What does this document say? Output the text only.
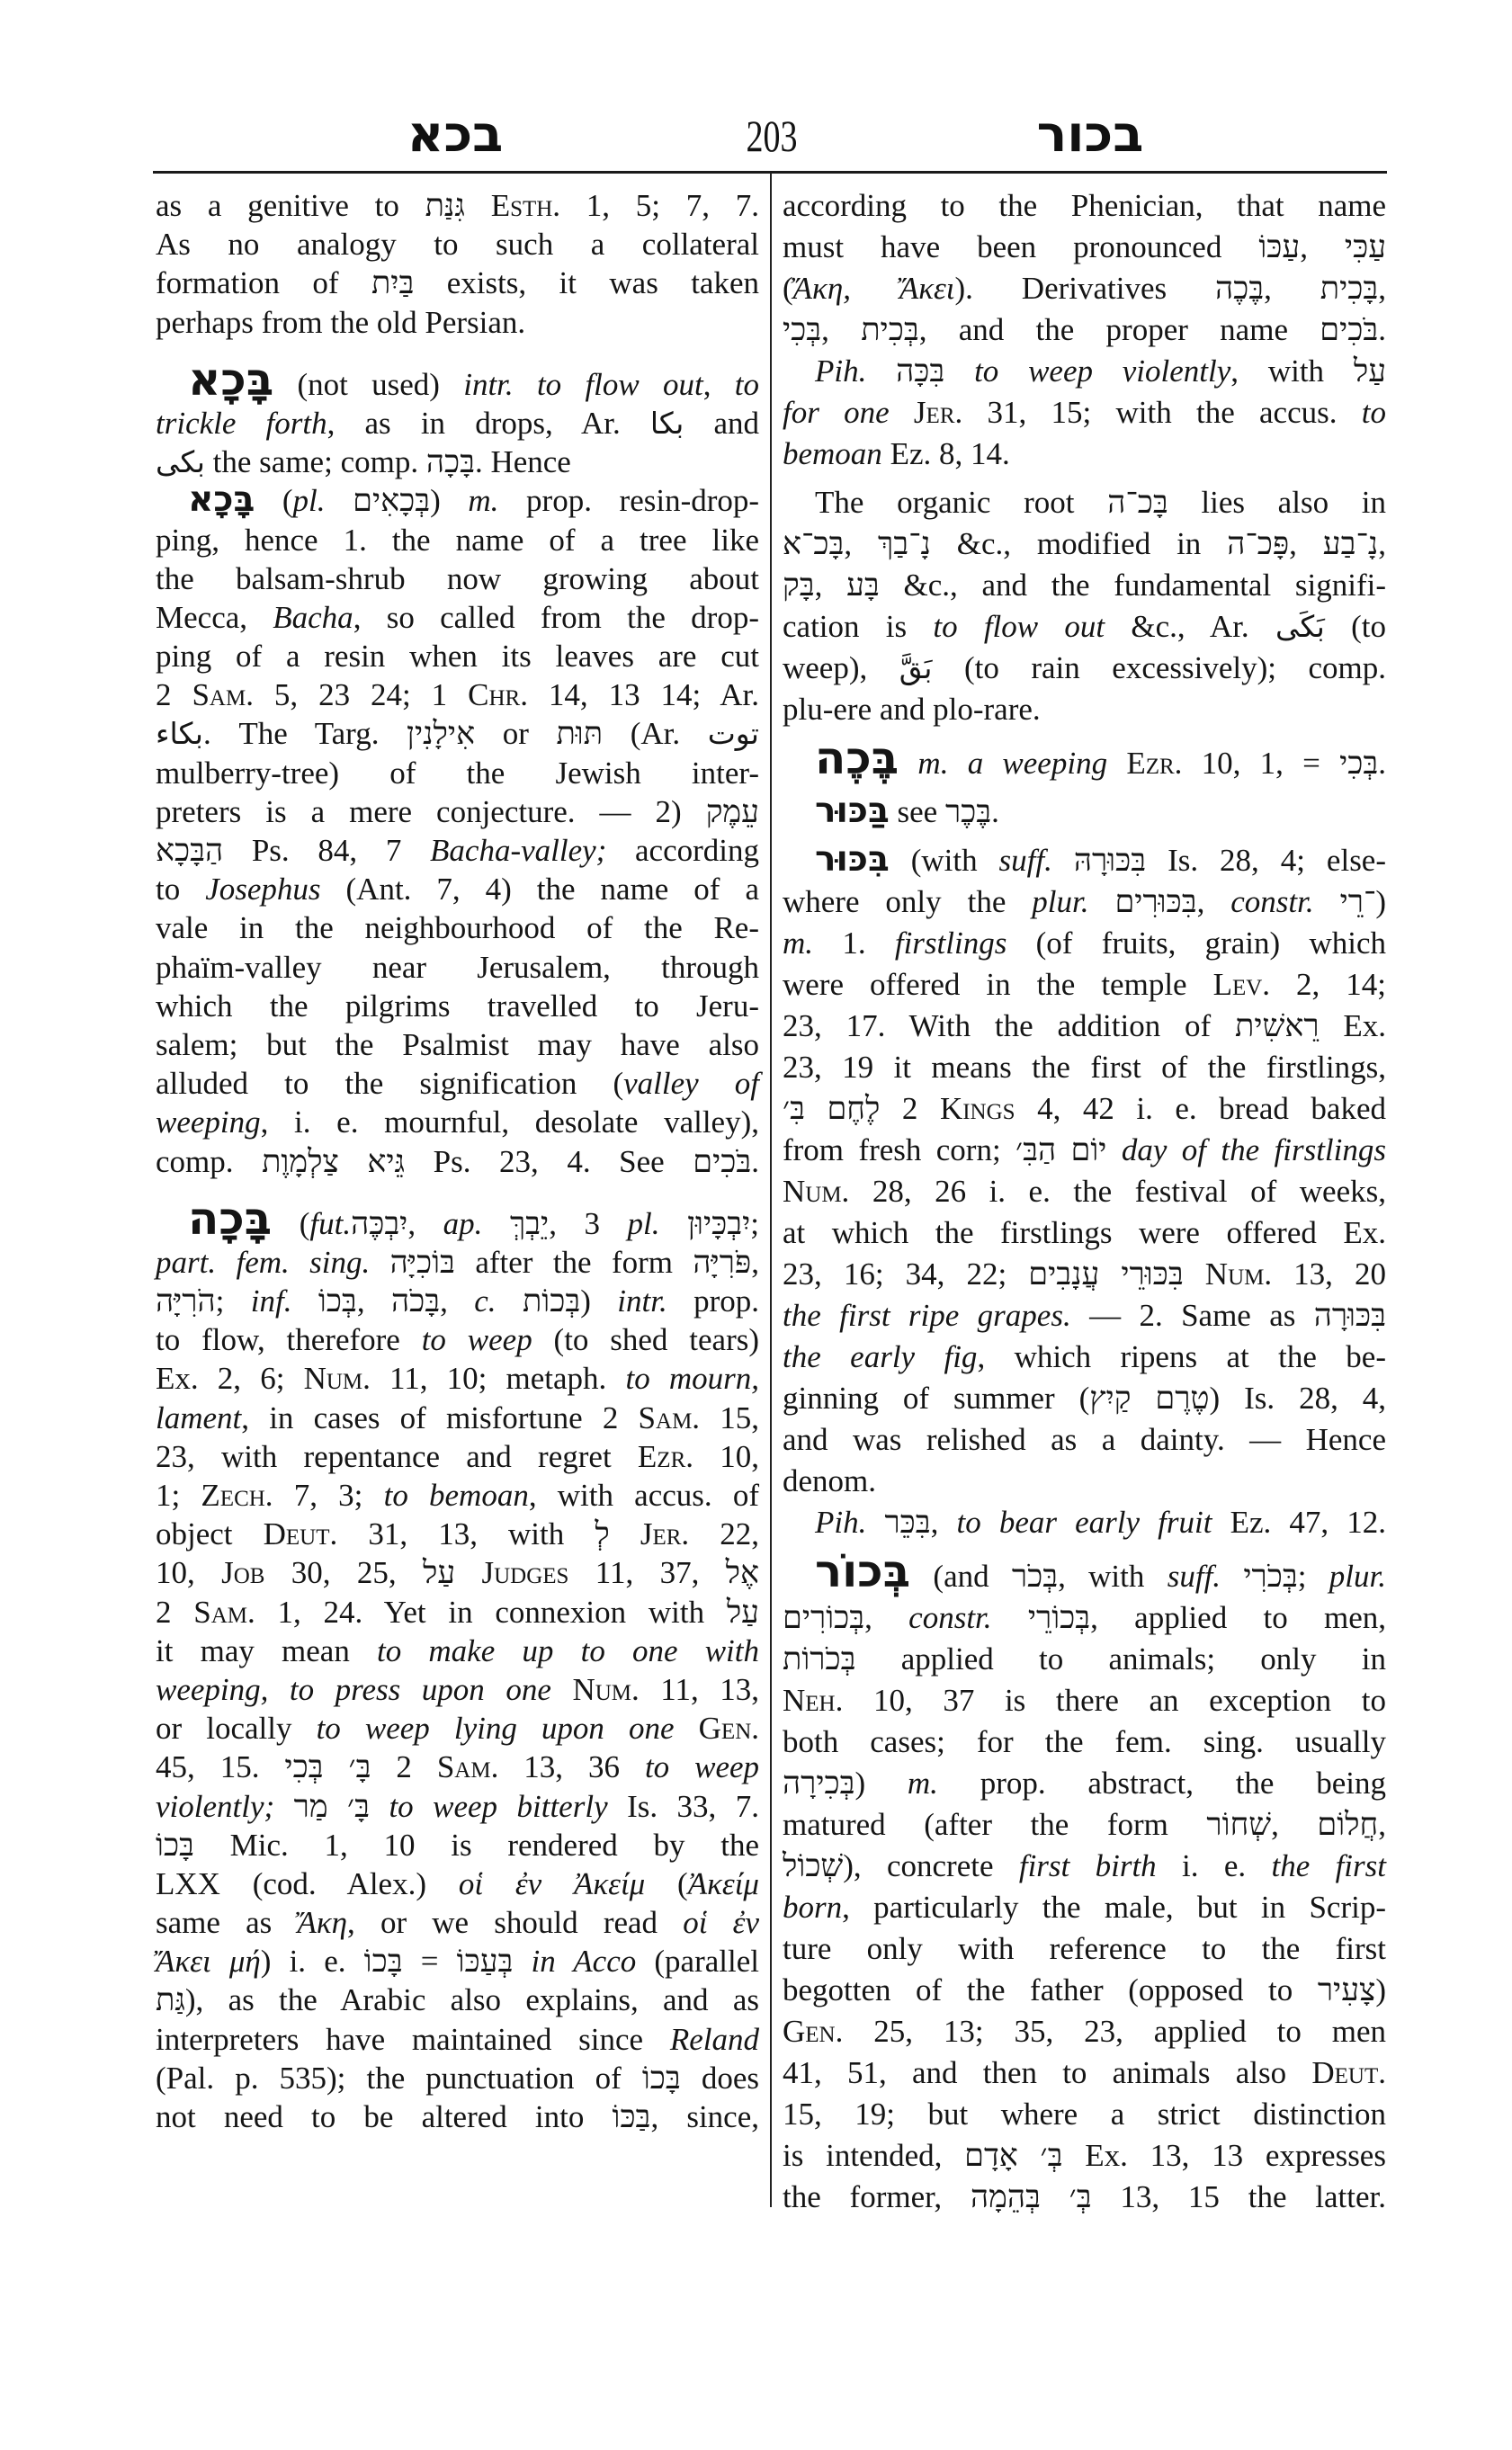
בכא	203	בכור
as a genitive to גִּנַּת Esth. 1, 5; 7, 7.
As no analogy to such a collateral
formation of בַּיִת exists, it was taken
perhaps from the old Persian.
בָּכָא (not used) intr. to flow out, to
trickle forth, as in drops, Ar. بكا and
بكى the same; comp. בָּכָה. Hence
בָּכָא (pl. בְּכָאִים) m. prop. resin-drop-
ping, hence 1. the name of a tree like
the balsam-shrub now growing about
Mecca, Bacha, so called from the drop-
ping of a resin when its leaves are cut
2 Sam. 5, 23 24; 1 Chr. 14, 13 14; Ar.
بكاء. The Targ. אִילָנִין or תּוּת (Ar. توت
mulberry-tree) of the Jewish inter-
preters is a mere conjecture. — 2) עֵמֶק
הַבָּכָא Ps. 84, 7 Bacha-valley; according
to Josephus (Ant. 7, 4) the name of a
vale in the neighbourhood of the Re-
phaïm-valley near Jerusalem, through
which the pilgrims travelled to Jeru-
salem; but the Psalmist may have also
alluded to the signification (valley of
weeping, i. e. mournful, desolate valley),
comp. גֵּיא צַלְמָוֶת Ps. 23, 4. See בֹּכִים.
בָּכָה (fut.יִבְכֶּה, ap. יֵבְךְּ, 3 pl. יִבְכָּיוּן;
part. fem. sing. בּוֹכִיָּה after the form פֹּרִיָּה,
הֹרִיָּה; inf. בְּכוֹ, בָּכֹה, c. בְּכוֹת) intr. prop.
to flow, therefore to weep (to shed tears)
Ex. 2, 6; Num. 11, 10; metaph. to mourn,
lament, in cases of misfortune 2 Sam. 15,
23, with repentance and regret Ezr. 10,
1; Zech. 7, 3; to bemoan, with accus. of
object Deut. 31, 13, with לְ Jer. 22,
10, Job 30, 25, עַל Judges 11, 37, אֶל
2 Sam. 1, 24. Yet in connexion with עַל
it may mean to make up to one with
weeping, to press upon one Num. 11, 13,
or locally to weep lying upon one Gen.
45, 15. בָּ׳ בְּכִי 2 Sam. 13, 36 to weep
violently; בָּ׳ מַר to weep bitterly Is. 33, 7.
בָּכוֹ Mic. 1, 10 is rendered by the
LXX (cod. Alex.) οἱ ἐν Ἀκείμ (Ἀκείμ
same as Ἄκη, or we should read οἱ ἐν
Ἄκει μή) i. e. בָּכוֹ = בְּעַכּוֹ in Acco (parallel
גַּת), as the Arabic also explains, and as
interpreters have maintained since Reland
(Pal. p. 535); the punctuation of בָּכוֹ does
not need to be altered into בַּכּוֹ, since,
according to the Phenician, that name
must have been pronounced עַכּוֹ, עַכִּי
(Ἄκη, Ἄκει). Derivatives בֶּכֶה, בָּכִית,
בְּכִי, בְּכִית, and the proper name בֹּכִים.
Pih. בִּכָּה to weep violently, with עַל
for one Jer. 31, 15; with the accus. to
bemoan Ez. 8, 14.
The organic root בָּכ־ה lies also in
בָּכ־א, נָ־בַךְ &c., modified in פָּכ־ה, נָ־בַע,
בָּק, בָּע &c., and the fundamental signifi-
cation is to flow out &c., Ar. بَكَى (to
weep), بَقَّ (to rain excessively); comp.
plu-ere and plo-rare.
בֶּכֶה m. a weeping Ezr. 10, 1, = בְּכִי.
בַּכּוּר see בֶּכֶר.
בִּכּוּר (with suff. בִּכּוּרָהּ Is. 28, 4; else-
where only the plur. בִּכּוּרִים, constr. ־רֵי)
m. 1. firstlings (of fruits, grain) which
were offered in the temple Lev. 2, 14;
23, 17. With the addition of רֵאשִׁית Ex.
23, 19 it means the first of the firstlings,
לֶחֶם בִּ׳ 2 Kings 4, 42 i. e. bread baked
from fresh corn; יוֹם הַבִּ׳ day of the firstlings
Num. 28, 26 i. e. the festival of weeks,
at which the firstlings were offered Ex.
23, 16; 34, 22; בִּכּוּרֵי עֲנָבִים Num. 13, 20
the first ripe grapes. — 2. Same as בִּכּוּרָה
the early fig, which ripens at the be-
ginning of summer (טֶרֶם קַיִץ) Is. 28, 4,
and was relished as a dainty. — Hence
denom.
Pih. בִּכֵּר, to bear early fruit Ez. 47, 12.
בְּכוֹר (and בְּכֹר, with suff. בְּכֹרִי; plur.
בְּכוֹרִים, constr. בְּכוֹרֵי, applied to men,
בְּכֹרוֹת applied to animals; only in
Neh. 10, 37 is there an exception to
both cases; for the fem. sing. usually
בְּכִירָה) m. prop. abstract, the being
matured (after the form שְׁחוֹר, חֲלוֹם,
שְׁכוֹל), concrete first birth i. e. the first
born, particularly the male, but in Scrip-
ture only with reference to the first
begotten of the father (opposed to צָעִיר)
Gen. 25, 13; 35, 23, applied to men
41, 51, and then to animals also Deut.
15, 19; but where a strict distinction
is intended, בְּ׳ אָדָם Ex. 13, 13 expresses
the former, בְּ׳ בְּהֵמָה 13, 15 the latter.
